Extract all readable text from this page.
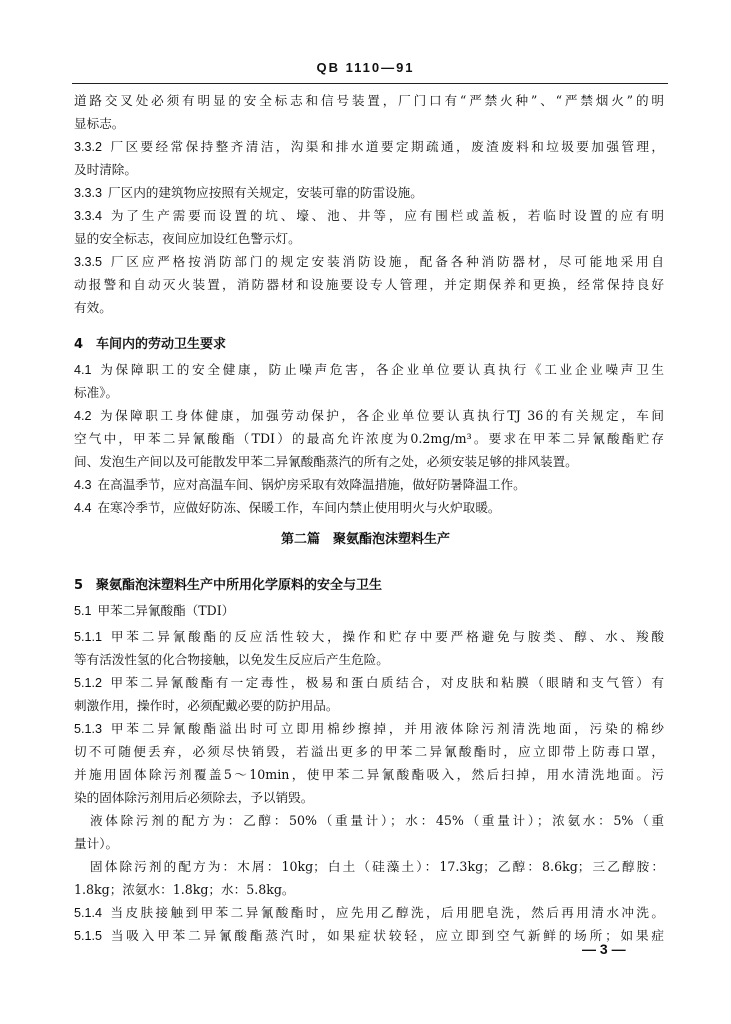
QB 1110—91
道路交叉处必须有明显的安全标志和信号装置，厂门口有“严禁火种”、“严禁烟火”的明
显标志。
3.3.2 厂区要经常保持整齐清洁，沟渠和排水道要定期疏通，废渣废料和垃圾要加强管理，
及时清除。
3.3.3 厂区内的建筑物应按照有关规定，安装可靠的防雷设施。
3.3.4 为了生产需要而设置的坑、壕、池、井等，应有围栏或盖板，若临时设置的应有明
显的安全标志，夜间应加设红色警示灯。
3.3.5 厂区应严格按消防部门的规定安装消防设施，配备各种消防器材，尽可能地采用自
动报警和自动灭火装置，消防器材和设施要设专人管理，并定期保养和更换，经常保持良好
有效。
4　车间内的劳动卫生要求
4.1 为保障职工的安全健康，防止噪声危害，各企业单位要认真执行《工业企业噪声卫生
标准》。
4.2 为保障职工身体健康，加强劳动保护，各企业单位要认真执行TJ 36的有关规定，车间
空气中，甲苯二异氰酸酯（TDI）的最高允许浓度为0.2mg/m³。要求在甲苯二异氰酸酯贮存
间、发泡生产间以及可能散发甲苯二异氰酸酯蒸汽的所有之处，必须安装足够的排风装置。
4.3 在高温季节，应对高温车间、锅炉房采取有效降温措施，做好防暑降温工作。
4.4 在寒冷季节，应做好防冻、保暖工作，车间内禁止使用明火与火炉取暖。
第二篇　聚氨酯泡沫塑料生产
5　聚氨酯泡沫塑料生产中所用化学原料的安全与卫生
5.1 甲苯二异氰酸酯（TDI）
5.1.1 甲苯二异氰酸酯的反应活性较大，操作和贮存中要严格避免与胺类、醇、水、羧酸
等有活泼性氢的化合物接触，以免发生反应后产生危险。
5.1.2 甲苯二异氰酸酯有一定毒性，极易和蛋白质结合，对皮肤和粘膜（眼睛和支气管）有
刺激作用，操作时，必须配戴必要的防护用品。
5.1.3 甲苯二异氰酸酯溢出时可立即用棉纱擦掉，并用液体除污剂清洗地面，污染的棉纱
切不可随便丢弃，必须尽快销毁，若溢出更多的甲苯二异氰酸酯时，应立即带上防毒口罩，
并施用固体除污剂覆盖5～10min，使甲苯二异氰酸酯吸入，然后扫掉，用水清洗地面。污
染的固体除污剂用后必须除去，予以销毁。
液体除污剂的配方为：乙醇：50%（重量计）；水：45%（重量计）；浓氨水：5%（重
量计）。
固体除污剂的配方为：木屑：10kg；白土（硅藻土）：17.3kg；乙醇：8.6kg；三乙醇胺：
1.8kg；浓氨水：1.8kg；水：5.8kg。
5.1.4 当皮肤接触到甲苯二异氰酸酯时，应先用乙醇洗，后用肥皂洗，然后再用清水冲洗。
5.1.5 当吸入甲苯二异氰酸酯蒸汽时，如果症状较轻，应立即到空气新鲜的场所；如果症
— 3 —
